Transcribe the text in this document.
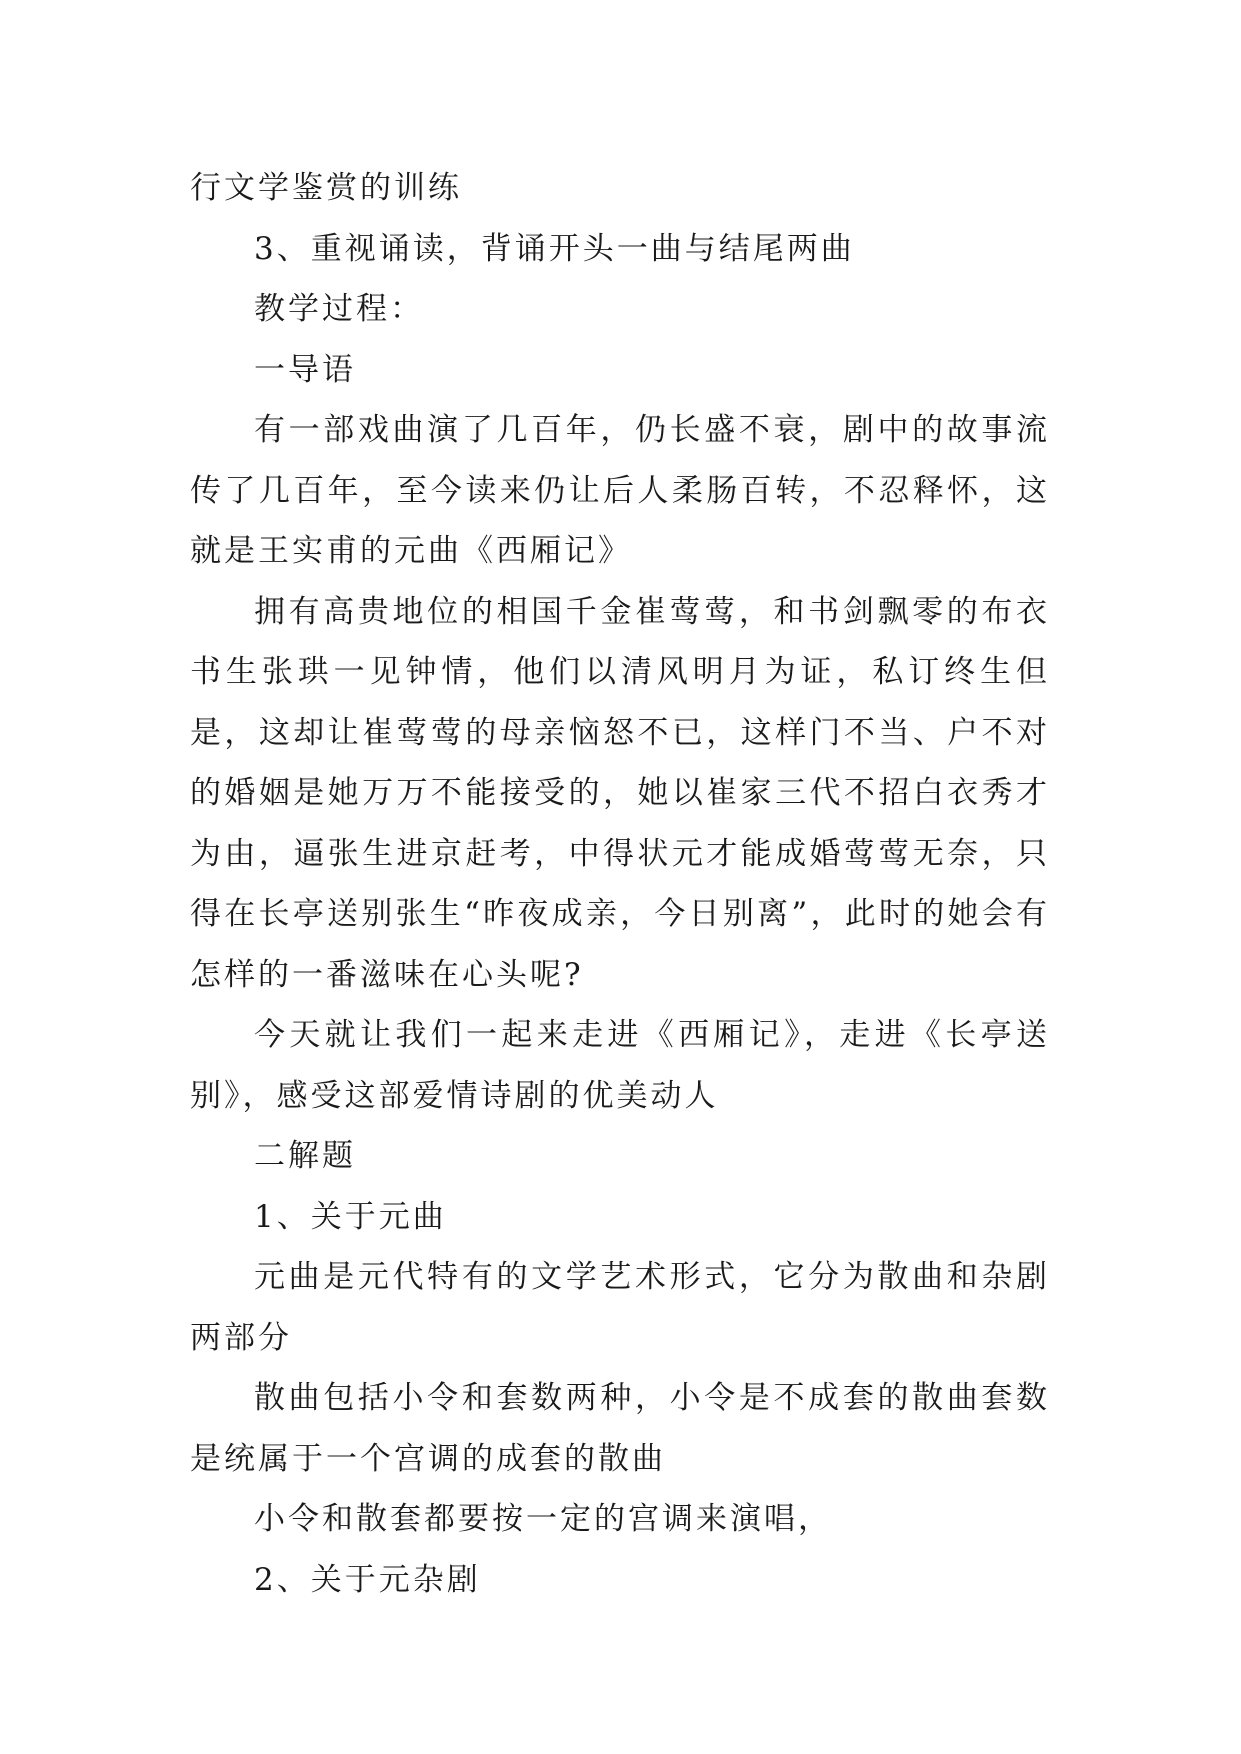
行文学鉴赏的训练

3、重视诵读，背诵开头一曲与结尾两曲

教学过程：

一导语

有一部戏曲演了几百年，仍长盛不衰，剧中的故事流传了几百年，至今读来仍让后人柔肠百转，不忍释怀，这就是王实甫的元曲《西厢记》

拥有高贵地位的相国千金崔莺莺，和书剑飘零的布衣书生张珙一见钟情，他们以清风明月为证，私订终生但是，这却让崔莺莺的母亲恼怒不已，这样门不当、户不对的婚姻是她万万不能接受的，她以崔家三代不招白衣秀才为由，逼张生进京赶考，中得状元才能成婚莺莺无奈，只得在长亭送别张生“昨夜成亲，今日别离”，此时的她会有怎样的一番滋味在心头呢?

今天就让我们一起来走进《西厢记》，走进《长亭送别》，感受这部爱情诗剧的优美动人

二解题

1、关于元曲

元曲是元代特有的文学艺术形式，它分为散曲和杂剧两部分

散曲包括小令和套数两种，小令是不成套的散曲套数是统属于一个宫调的成套的散曲

小令和散套都要按一定的宫调来演唱，

2、关于元杂剧
